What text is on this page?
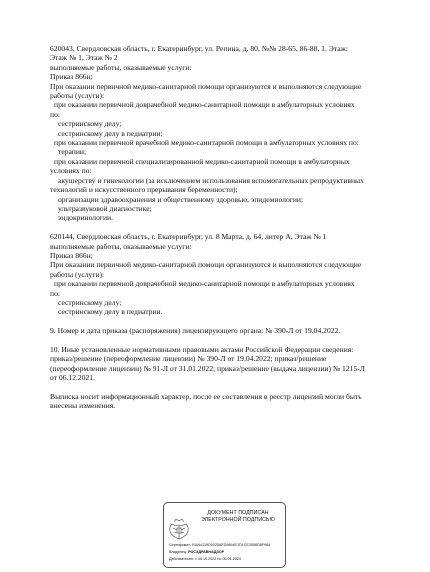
620043, Свердловская область, г. Екатеринбург, ул. Репина, д. 80, №№ 28-65, 86-88, 1. Этаж:

Этаж № 1, Этаж № 2

выполняемые работы, оказываемые услуги:

Приказ 866н;

При оказании первичной медико-санитарной помощи организуются и выполняются следующие

работы (услуги):

при оказании первичной доврачебной медико-санитарной помощи в амбулаторных условиях

по:

сестринскому делу;

сестринскому делу в педиатрии;

при оказании первичной врачебной медико-санитарной помощи в амбулаторных условиях по:

терапии;

при оказании первичной специализированной медико-санитарной помощи в амбулаторных

условиях по:

акушерству и гинекологии (за исключением использования вспомогательных репродуктивных

технологий и искусственного прерывания беременности);

организации здравоохранения и общественному здоровью, эпидемиологии;

ультразвуковой диагностике;

эндокринологии.

620144, Свердловская область, г. Екатеринбург, ул. 8 Марта, д. 64, литер А, Этаж № 1

выполняемые работы, оказываемые услуги:

Приказ 866н;

При оказании первичной медико-санитарной помощи организуются и выполняются следующие

работы (услуги):

при оказании первичной доврачебной медико-санитарной помощи в амбулаторных условиях

по:

сестринскому делу;

сестринскому делу в педиатрии.

9. Номер и дата приказа (распоряжения) лицензирующего органа: № 390-Л от 19.04.2022.

10. Иные установленные нормативными правовыми актами Российской Федерации сведения:

приказ/решение (переоформление лицензии) № 390-Л от 19.04.2022; приказ/решение

(переоформление лицензии) № 91-Л от 31.01.2022; приказ/решение (выдача лицензии) № 1215-Л

от 06.12.2021.

Выписка носит информационный характер, после ее составления в реестр лицензий могли быть

внесены изменения.

ДОКУМЕНТ ПОДПИСАН
ЭЛЕКТРОННОЙ ПОДПИСЬЮ
Сертификат: 01644119D0025AFD9894E1D1CE3058D8F984
Владелец: РОСЗДРАВНАДЗОР
Действителен: с 05.10.2022 по 05.01.2024
